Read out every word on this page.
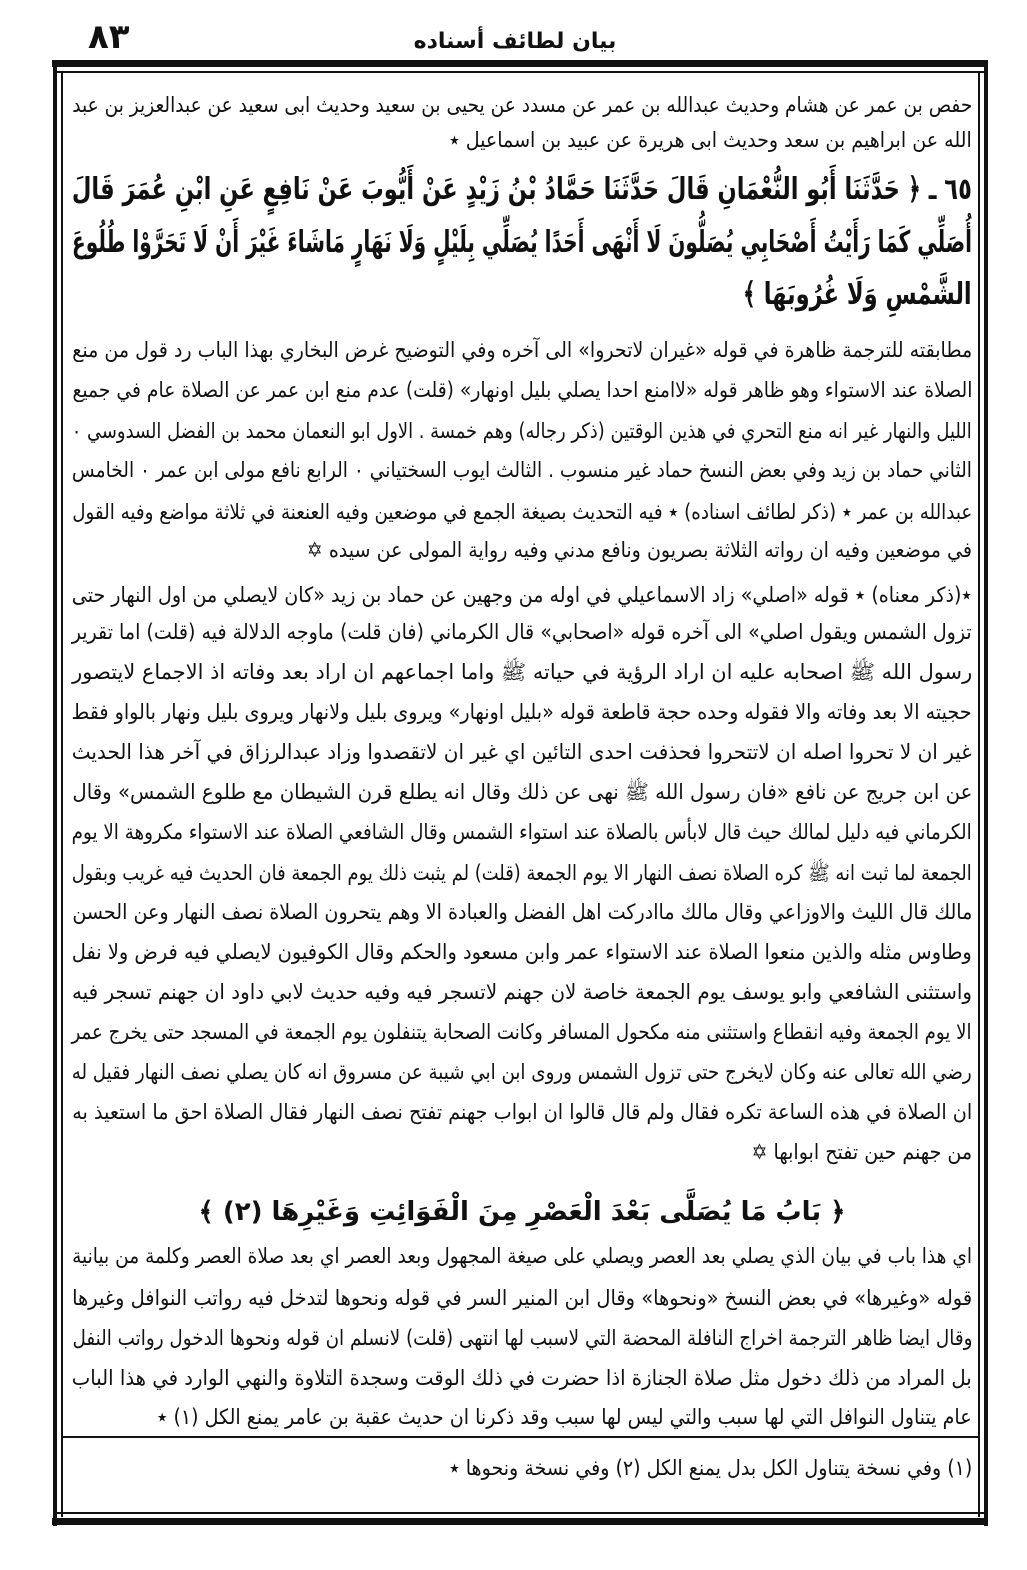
٨٣	بيان لطائف أسناده
حفص بن عمر عن هشام وحديث عبدالله بن عمر عن مسدد عن يحيى بن سعيد وحديث ابى سعيد عن عبدالعزيز بن عبد
الله عن ابراهيم بن سعد وحديث ابى هريرة عن عبيد بن اسماعيل ٭
٦٥ ـ ﴿ حَدَّثَنَا أَبُو النُّعْمَانِ قَالَ حَدَّثَنَا حَمَّادُ بْنُ زَيْدٍ عَنْ أَيُّوبَ عَنْ نَافِعٍ عَنِ ابْنِ عُمَرَ قَالَ
أُصَلِّي كَمَا رَأَيْتُ أَصْحَابِي يُصَلُّونَ لَا أَنْهَى أَحَدًا يُصَلِّي بِلَيْلٍ وَلَا نَهَارٍ مَاشَاءَ غَيْرَ أَنْ لَا تَحَرَّوْا طُلُوعَ
الشَّمْسِ وَلَا غُرُوبَهَا ﴾
مطابقته للترجمة ظاهرة في قوله «غيران لاتحروا» الى آخره وفي التوضيح غرض البخاري بهذا الباب رد قول من منع
الصلاة عند الاستواء وهو ظاهر قوله «لاامنع احدا يصلي بليل اونهار» (قلت) عدم منع ابن عمر عن الصلاة عام في جميع
الليل والنهار غير انه منع التحري في هذين الوقتين (ذكر رجاله) وهم خمسة . الاول ابو النعمان محمد بن الفضل السدوسي ٠
الثاني حماد بن زيد وفي بعض النسخ حماد غير منسوب . الثالث ايوب السختياني ٠ الرابع نافع مولى ابن عمر ٠ الخامس
عبدالله بن عمر ٭ (ذكر لطائف اسناده) ٭ فيه التحديث بصيغة الجمع في موضعين وفيه العنعنة في ثلاثة مواضع وفيه القول
في موضعين وفيه ان رواته الثلاثة بصريون ونافع مدني وفيه رواية المولى عن سيده ✡
٭(ذكر معناه) ٭ قوله «اصلي» زاد الاسماعيلي في اوله من وجهين عن حماد بن زيد «كان لايصلي من اول النهار حتى
تزول الشمس ويقول اصلي» الى آخره قوله «اصحابي» قال الكرماني (فان قلت) ماوجه الدلالة فيه (قلت) اما تقرير
رسول الله ﷺ اصحابه عليه ان اراد الرؤية في حياته ﷺ واما اجماعهم ان اراد بعد وفاته اذ الاجماع لايتصور
حجيته الا بعد وفاته والا فقوله وحده حجة قاطعة قوله «بليل اونهار» ويروى بليل ولانهار ويروى بليل ونهار بالواو فقط
غير ان لا تحروا اصله ان لاتتحروا فحذفت احدى التائين اي غير ان لاتقصدوا وزاد عبدالرزاق في آخر هذا الحديث
عن ابن جريج عن نافع «فان رسول الله ﷺ نهى عن ذلك وقال انه يطلع قرن الشيطان مع طلوع الشمس» وقال
الكرماني فيه دليل لمالك حيث قال لابأس بالصلاة عند استواء الشمس وقال الشافعي الصلاة عند الاستواء مكروهة الا يوم
الجمعة لما ثبت انه ﷺ كره الصلاة نصف النهار الا يوم الجمعة (قلت) لم يثبت ذلك يوم الجمعة فان الحديث فيه غريب وبقول
مالك قال الليث والاوزاعي وقال مالك ماادركت اهل الفضل والعبادة الا وهم يتحرون الصلاة نصف النهار وعن الحسن
وطاوس مثله والذين منعوا الصلاة عند الاستواء عمر وابن مسعود والحكم وقال الكوفيون لايصلي فيه فرض ولا نفل
واستثنى الشافعي وابو يوسف يوم الجمعة خاصة لان جهنم لاتسجر فيه وفيه حديث لابي داود ان جهنم تسجر فيه
الا يوم الجمعة وفيه انقطاع واستثنى منه مكحول المسافر وكانت الصحابة يتنفلون يوم الجمعة في المسجد حتى يخرج عمر
رضي الله تعالى عنه وكان لايخرج حتى تزول الشمس وروى ابن ابي شيبة عن مسروق انه كان يصلي نصف النهار فقيل له
ان الصلاة في هذه الساعة تكره فقال ولم قال قالوا ان ابواب جهنم تفتح نصف النهار فقال الصلاة احق ما استعيذ به
من جهنم حين تفتح ابوابها ✡
﴿ بَابُ مَا يُصَلَّى بَعْدَ الْعَصْرِ مِنَ الْفَوَائِتِ وَغَيْرِهَا (٢) ﴾
اي هذا باب في بيان الذي يصلي بعد العصر ويصلي على صيغة المجهول وبعد العصر اي بعد صلاة العصر وكلمة من بيانية
قوله «وغيرها» في بعض النسخ «ونحوها» وقال ابن المنير السر في قوله ونحوها لتدخل فيه رواتب النوافل وغيرها
وقال ايضا ظاهر الترجمة اخراج النافلة المحضة التي لاسبب لها انتهى (قلت) لانسلم ان قوله ونحوها الدخول رواتب النفل
بل المراد من ذلك دخول مثل صلاة الجنازة اذا حضرت في ذلك الوقت وسجدة التلاوة والنهي الوارد في هذا الباب
عام يتناول النوافل التي لها سبب والتي ليس لها سبب وقد ذكرنا ان حديث عقبة بن عامر يمنع الكل (١) ٭
(١) وفي نسخة يتناول الكل بدل يمنع الكل (٢) وفي نسخة ونحوها ٭
